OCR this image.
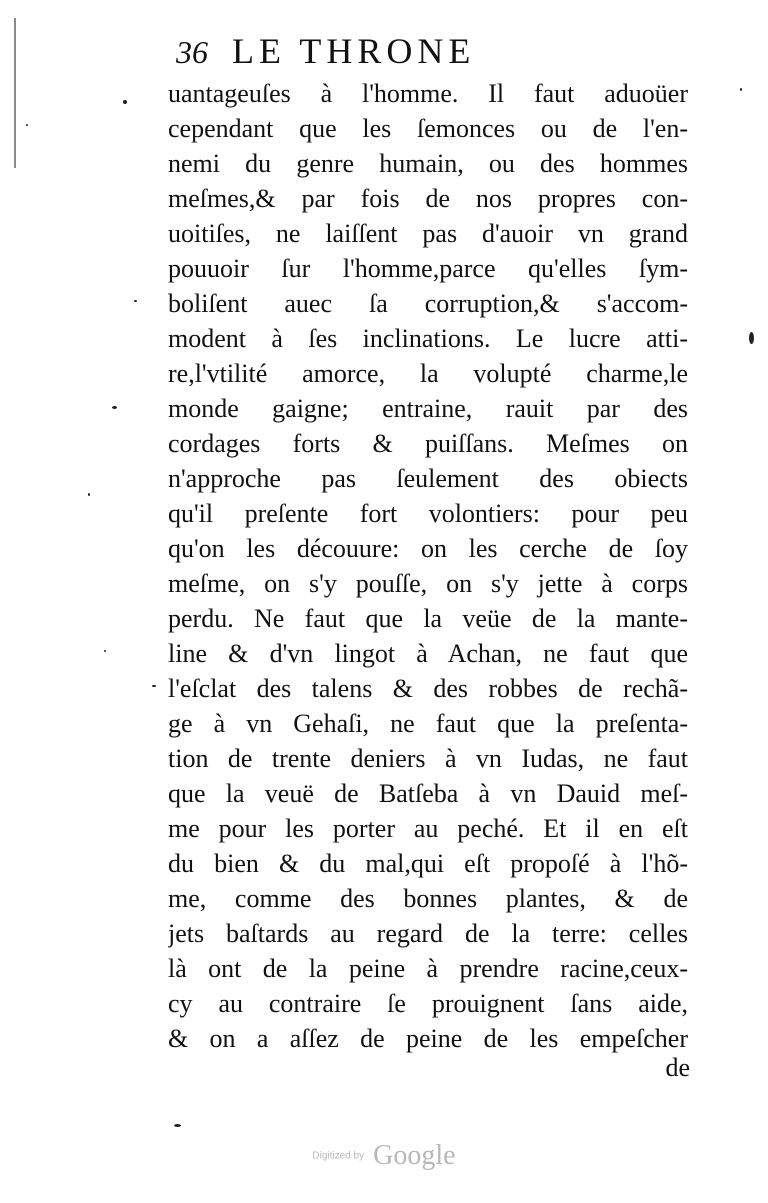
36 LE THRONE
uantageuſes à l'homme. Il faut aduoüer
cependant que les ſemonces ou de l'en-
nemi du genre humain, ou des hommes
meſmes,& par fois de nos propres con-
uoitiſes, ne laiſſent pas d'auoir vn grand
pouuoir ſur l'homme,parce qu'elles ſym-
boliſent auec ſa corruption,& s'accom-
modent à ſes inclinations. Le lucre atti-
re,l'vtilité amorce, la volupté charme,le
monde gaigne; entraine, rauit par des
cordages forts & puiſſans. Meſmes on
n'approche pas ſeulement des obiects
qu'il preſente fort volontiers: pour peu
qu'on les découure: on les cerche de ſoy
meſme, on s'y pouſſe, on s'y jette à corps
perdu. Ne faut que la veüe de la mante-
line & d'vn lingot à Achan, ne faut que
l'eſclat des talens & des robbes de rechã-
ge à vn Gehaſi, ne faut que la preſenta-
tion de trente deniers à vn Iudas, ne faut
que la veuë de Batſeba à vn Dauid meſ-
me pour les porter au peché. Et il en eſt
du bien & du mal,qui eſt propoſé à l'hõ-
me, comme des bonnes plantes, & de
jets baſtards au regard de la terre: celles
là ont de la peine à prendre racine,ceux-
cy au contraire ſe prouignent ſans aide,
& on a aſſez de peine de les empeſcher
de
Digitized by Google
